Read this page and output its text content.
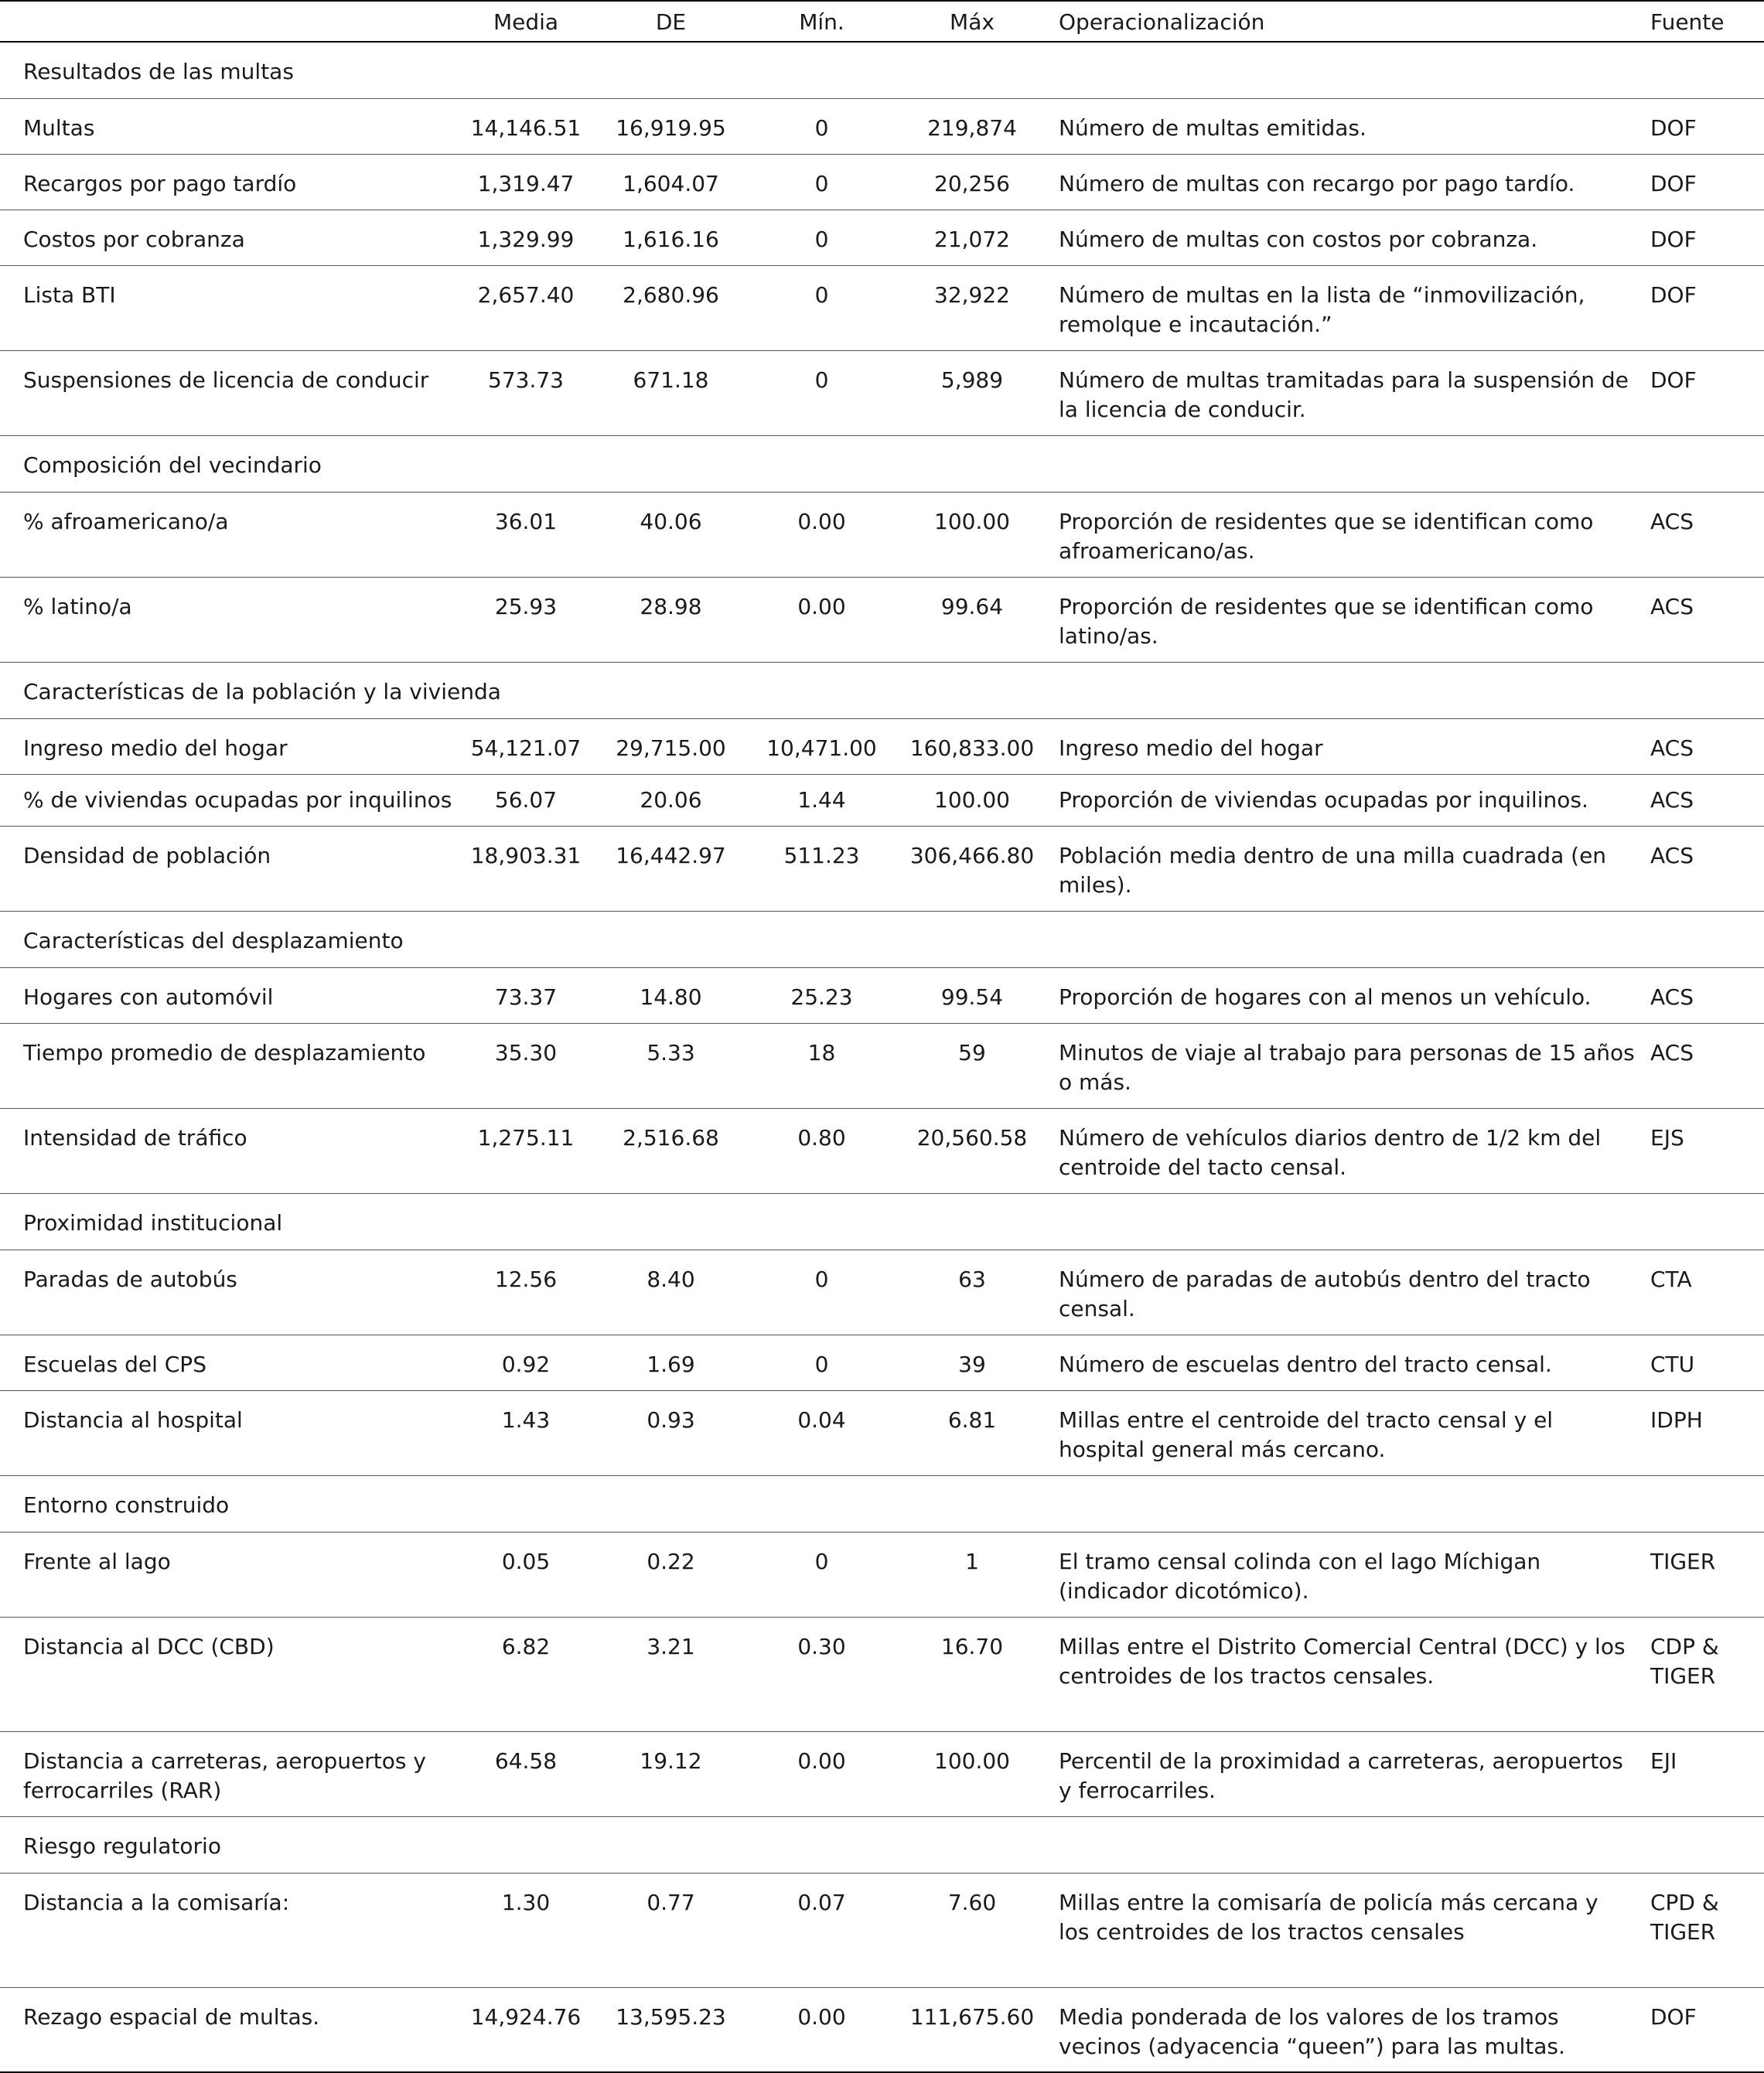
	Media	DE	Mín.	Máx	Operacionalización	Fuente
Resultados de las multas						
Multas	14,146.51	16,919.95	0	219,874	Número de multas emitidas.	DOF
Recargos por pago tardío	1,319.47	1,604.07	0	20,256	Número de multas con recargo por pago tardío.	DOF
Costos por cobranza	1,329.99	1,616.16	0	21,072	Número de multas con costos por cobranza.	DOF
Lista BTI	2,657.40	2,680.96	0	32,922	Número de multas en la lista de “inmovilización, remolque e incautación.”	DOF
Suspensiones de licencia de conducir	573.73	671.18	0	5,989	Número de multas tramitadas para la suspensión de la licencia de conducir.	DOF
Composición del vecindario						
% afroamericano/a	36.01	40.06	0.00	100.00	Proporción de residentes que se identifican como afroamericano/as.	ACS
% latino/a	25.93	28.98	0.00	99.64	Proporción de residentes que se identifican como latino/as.	ACS
Características de la población y la vivienda						
Ingreso medio del hogar	54,121.07	29,715.00	10,471.00	160,833.00	Ingreso medio del hogar	ACS
% de viviendas ocupadas por inquilinos	56.07	20.06	1.44	100.00	Proporción de viviendas ocupadas por inquilinos.	ACS
Densidad de población	18,903.31	16,442.97	511.23	306,466.80	Población media dentro de una milla cuadrada (en miles).	ACS
Características del desplazamiento						
Hogares con automóvil	73.37	14.80	25.23	99.54	Proporción de hogares con al menos un vehículo.	ACS
Tiempo promedio de desplazamiento	35.30	5.33	18	59	Minutos de viaje al trabajo para personas de 15 años o más.	ACS
Intensidad de tráfico	1,275.11	2,516.68	0.80	20,560.58	Número de vehículos diarios dentro de 1/2 km del centroide del tacto censal.	EJS
Proximidad institucional						
Paradas de autobús	12.56	8.40	0	63	Número de paradas de autobús dentro del tracto censal.	CTA
Escuelas del CPS	0.92	1.69	0	39	Número de escuelas dentro del tracto censal.	CTU
Distancia al hospital	1.43	0.93	0.04	6.81	Millas entre el centroide del tracto censal y el hospital general más cercano.	IDPH
Entorno construido						
Frente al lago	0.05	0.22	0	1	El tramo censal colinda con el lago Míchigan (indicador dicotómico).	TIGER
Distancia al DCC (CBD)	6.82	3.21	0.30	16.70	Millas entre el Distrito Comercial Central (DCC) y los centroides de los tractos censales.	CDP & TIGER
Distancia a carreteras, aeropuertos y ferrocarriles (RAR)	64.58	19.12	0.00	100.00	Percentil de la proximidad a carreteras, aeropuertos y ferrocarriles.	EJI
Riesgo regulatorio						
Distancia a la comisaría:	1.30	0.77	0.07	7.60	Millas entre la comisaría de policía más cercana y los centroides de los tractos censales	CPD & TIGER
Rezago espacial de multas.	14,924.76	13,595.23	0.00	111,675.60	Media ponderada de los valores de los tramos vecinos (adyacencia “queen”) para las multas.	DOF
